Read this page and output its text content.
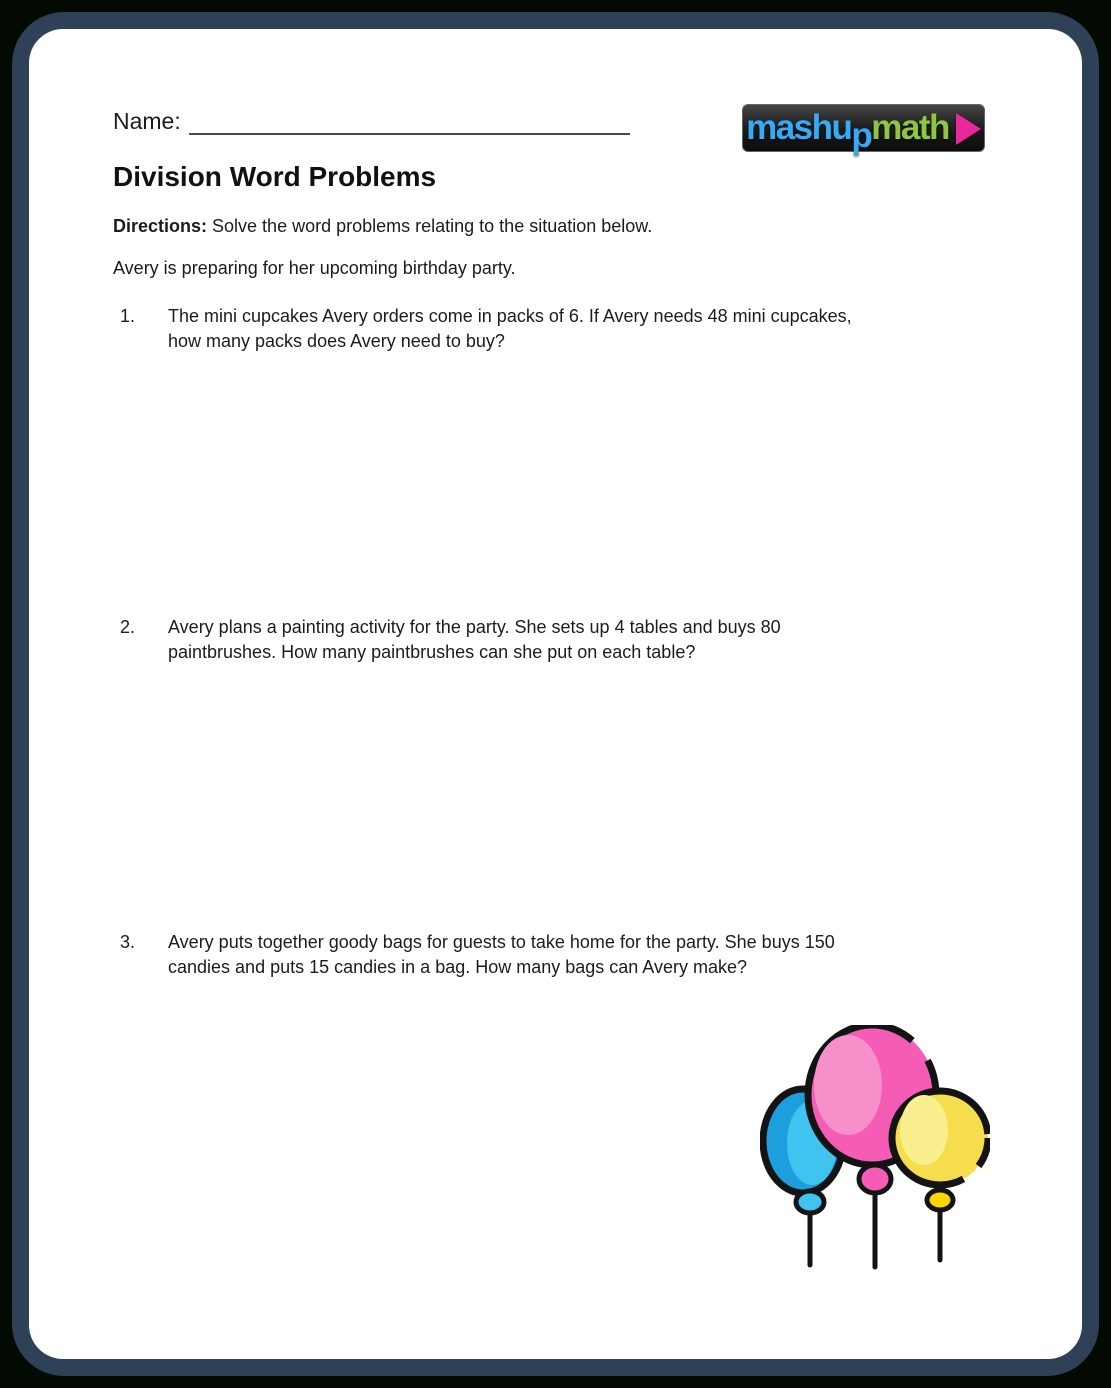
Name:	mashu p math
Division Word Problems
Directions: Solve the word problems relating to the situation below.
Avery is preparing for her upcoming birthday party.
1.	The mini cupcakes Avery orders come in packs of 6. If Avery needs 48 mini cupcakes,
how many packs does Avery need to buy?
2.	Avery plans a painting activity for the party. She sets up 4 tables and buys 80
paintbrushes. How many paintbrushes can she put on each table?
3.	Avery puts together goody bags for guests to take home for the party. She buys 150
candies and puts 15 candies in a bag. How many bags can Avery make?
